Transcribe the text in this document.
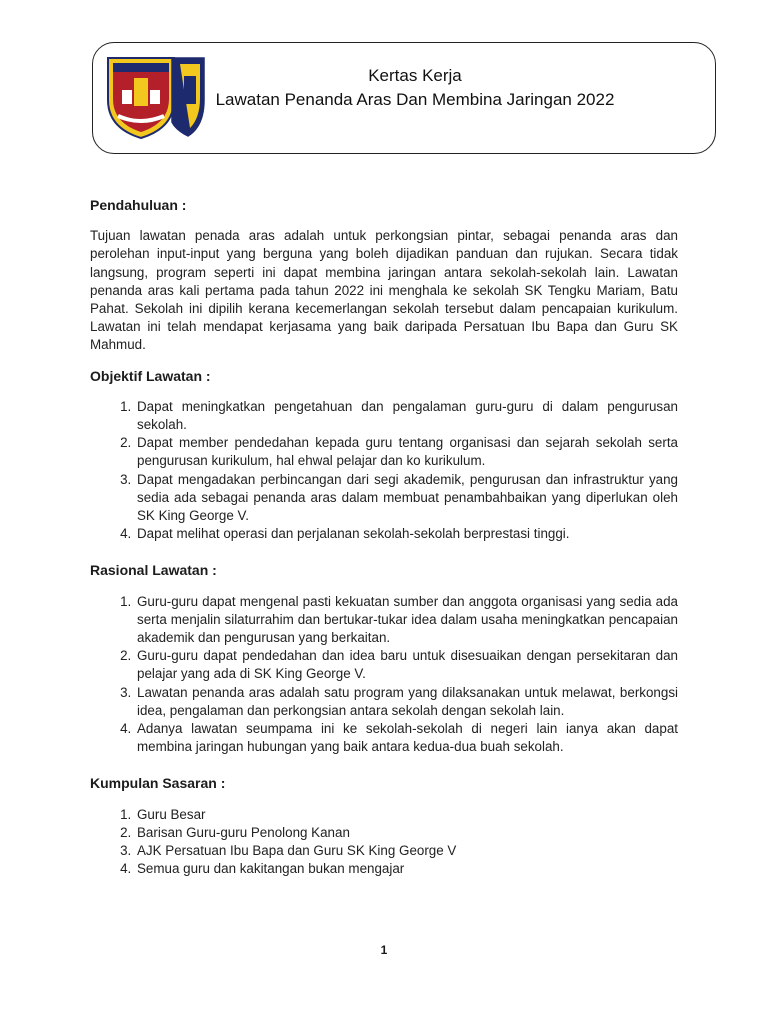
Kertas Kerja
Lawatan Penanda Aras Dan Membina Jaringan 2022
Pendahuluan :

Tujuan lawatan penada aras adalah untuk perkongsian pintar, sebagai penanda aras dan perolehan input-input yang berguna yang boleh dijadikan panduan dan rujukan. Secara tidak langsung, program seperti ini dapat membina jaringan antara sekolah-sekolah lain. Lawatan penanda aras kali pertama pada tahun 2022 ini menghala ke sekolah SK Tengku Mariam, Batu Pahat. Sekolah ini dipilih kerana kecemerlangan sekolah tersebut dalam pencapaian kurikulum. Lawatan ini telah mendapat kerjasama yang baik daripada Persatuan Ibu Bapa dan Guru SK Mahmud.

Objektif Lawatan :
1. Dapat meningkatkan pengetahuan dan pengalaman guru-guru di dalam pengurusan sekolah.
2. Dapat member pendedahan kepada guru tentang organisasi dan sejarah sekolah serta pengurusan kurikulum, hal ehwal pelajar dan ko kurikulum.
3. Dapat mengadakan perbincangan dari segi akademik, pengurusan dan infrastruktur yang sedia ada sebagai penanda aras dalam membuat penambahbaikan yang diperlukan oleh SK King George V.
4. Dapat melihat operasi dan perjalanan sekolah-sekolah berprestasi tinggi.
Rasional Lawatan :
1. Guru-guru dapat mengenal pasti kekuatan sumber dan anggota organisasi yang sedia ada serta menjalin silaturrahim dan bertukar-tukar idea dalam usaha meningkatkan pencapaian akademik dan pengurusan yang berkaitan.
2. Guru-guru dapat pendedahan dan idea baru untuk disesuaikan dengan persekitaran dan pelajar yang ada di SK King George V.
3. Lawatan penanda aras adalah satu program yang dilaksanakan untuk melawat, berkongsi idea, pengalaman dan perkongsian antara sekolah dengan sekolah lain.
4. Adanya lawatan seumpama ini ke sekolah-sekolah di negeri lain ianya akan dapat membina jaringan hubungan yang baik antara kedua-dua buah sekolah.
Kumpulan Sasaran :
1. Guru Besar
2. Barisan Guru-guru Penolong Kanan
3. AJK Persatuan Ibu Bapa dan Guru SK King George V
4. Semua guru dan kakitangan bukan mengajar
1
